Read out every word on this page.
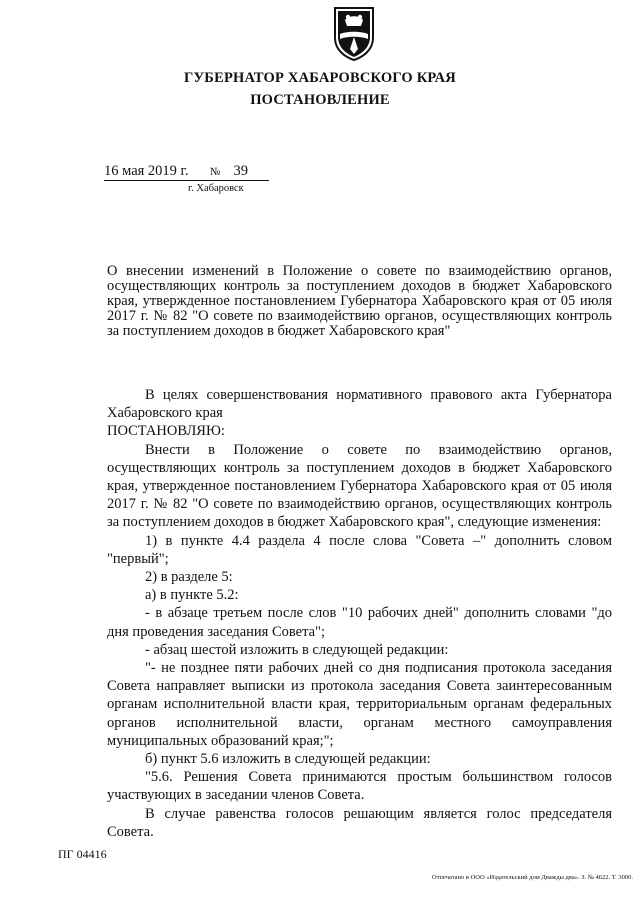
ГУБЕРНАТОР ХАБАРОВСКОГО КРАЯ
ПОСТАНОВЛЕНИЕ
16 мая 2019 г. № 39
г. Хабаровск
О внесении изменений в Положение о совете по взаимодействию органов, осуществляющих контроль за поступлением доходов в бюджет Хабаровского края, утвержденное постановлением Губернатора Хабаровского края от 05 июля 2017 г. № 82 "О совете по взаимодействию органов, осуществляющих контроль за поступлением доходов в бюджет Хабаровского края"

В целях совершенствования нормативного правового акта Губернатора Хабаровского края

ПОСТАНОВЛЯЮ:

Внести в Положение о совете по взаимодействию органов, осуществляющих контроль за поступлением доходов в бюджет Хабаровского края, утвержденное постановлением Губернатора Хабаровского края от 05 июля 2017 г. № 82 "О совете по взаимодействию органов, осуществляющих контроль за поступлением доходов в бюджет Хабаровского края", следующие изменения:

1) в пункте 4.4 раздела 4 после слова "Совета –" дополнить словом "первый";

2) в разделе 5:

а) в пункте 5.2:

- в абзаце третьем после слов "10 рабочих дней" дополнить словами "до дня проведения заседания Совета";

- абзац шестой изложить в следующей редакции:

"- не позднее пяти рабочих дней со дня подписания протокола заседания Совета направляет выписки из протокола заседания Совета заинтересованным органам исполнительной власти края, территориальным органам федеральных органов исполнительной власти, органам местного самоуправления муниципальных образований края;";

б) пункт 5.6 изложить в следующей редакции:

"5.6. Решения Совета принимаются простым большинством голосов участвующих в заседании членов Совета.

В случае равенства голосов решающим является голос председателя Совета.

ПГ 04416
Отпечатано в ООО «Издательский дом Дважды два». З. № 4622. Т. 3000.
